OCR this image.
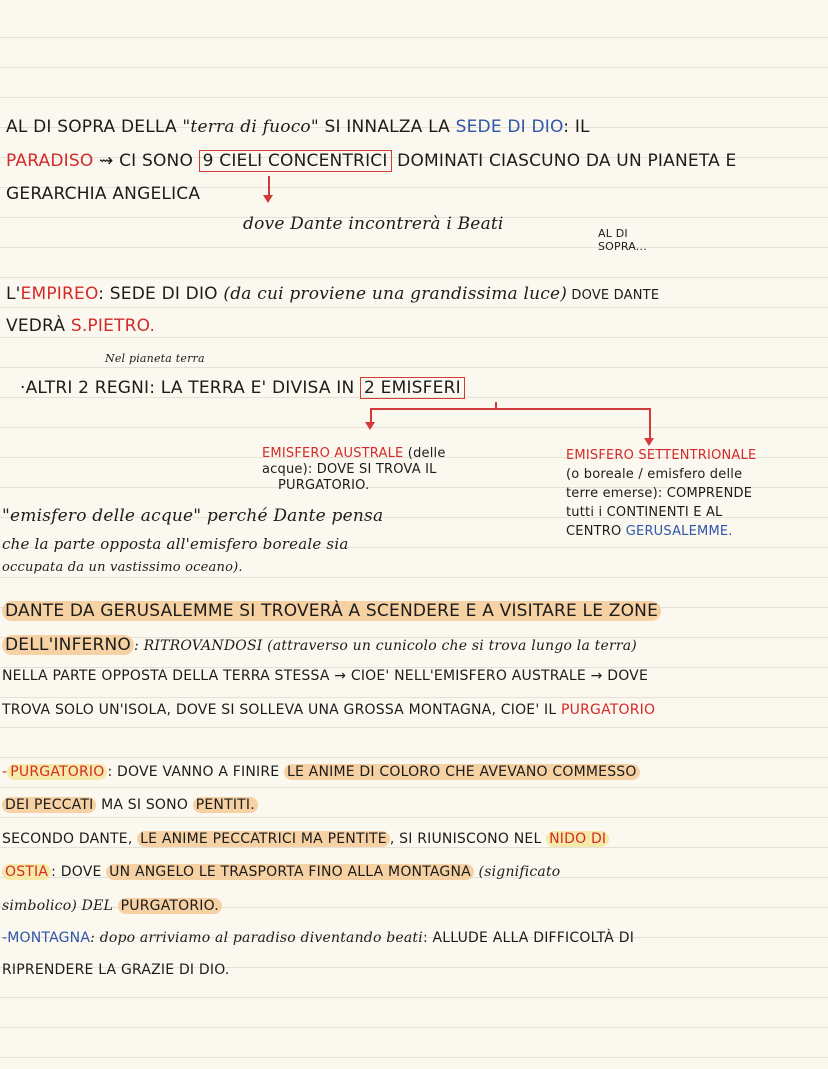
AL DI SOPRA DELLA "terra di fuoco" SI INNALZA LA SEDE DI DIO: IL
PARADISO ⇝ CI SONO 9 CIELI CONCENTRICI DOMINATI CIASCUNO DA UN PIANETA E
GERARCHIA ANGELICA
dove Dante incontrerà i Beati	AL DI SOPRA...
L'EMPIREO: SEDE DI DIO (da cui proviene una grandissima luce) DOVE DANTE
VEDRÀ S.PIETRO.
Nel pianeta terra
·ALTRI 2 REGNI: LA TERRA E' DIVISA IN 2 EMISFERI
EMISFERO AUSTRALE (delle
acque): DOVE SI TROVA IL
PURGATORIO.
EMISFERO SETTENTRIONALE
(o boreale / emisfero delle
terre emerse): COMPRENDE
tutti i CONTINENTI E AL
CENTRO GERUSALEMME.
"emisfero delle acque" perché Dante pensa
che la parte opposta all'emisfero boreale sia
occupata da un vastissimo oceano).
DANTE DA GERUSALEMME SI TROVERÀ A SCENDERE E A VISITARE LE ZONE
DELL'INFERNO : RITROVANDOSI (attraverso un cunicolo che si trova lungo la terra)
NELLA PARTE OPPOSTA DELLA TERRA STESSA → CIOE' NELL'EMISFERO AUSTRALE → DOVE
TROVA SOLO UN'ISOLA, DOVE SI SOLLEVA UNA GROSSA MONTAGNA, CIOE' IL PURGATORIO
- PURGATORIO : DOVE VANNO A FINIRE LE ANIME DI COLORO CHE AVEVANO COMMESSO
DEI PECCATI MA SI SONO PENTITI.
SECONDO DANTE, LE ANIME PECCATRICI MA PENTITE , SI RIUNISCONO NEL NIDO DI
OSTIA : DOVE UN ANGELO LE TRASPORTA FINO ALLA MONTAGNA (significato
simbolico) DEL PURGATORIO.
-MONTAGNA: dopo arriviamo al paradiso diventando beati: ALLUDE ALLA DIFFICOLTÀ DI
RIPRENDERE LA GRAZIE DI DIO.
